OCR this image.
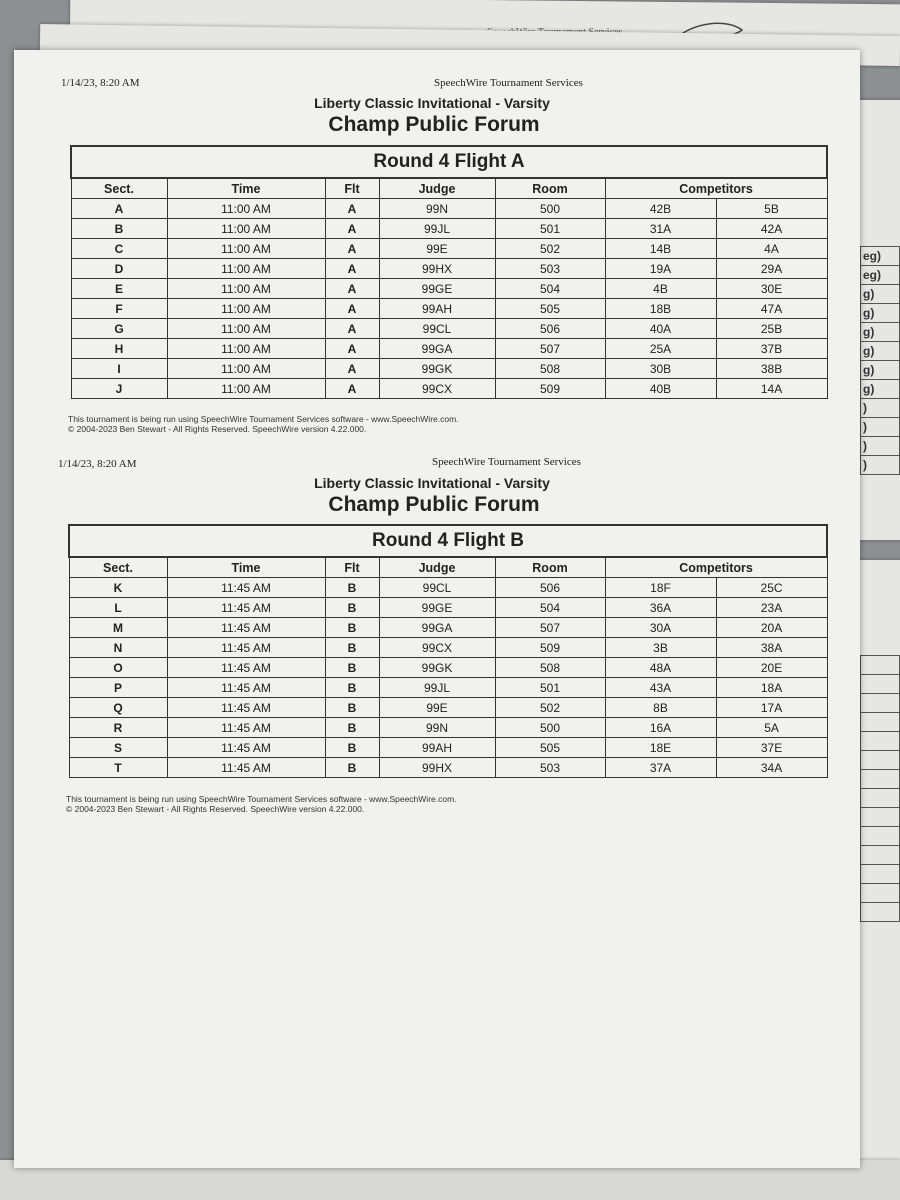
eg)
eg)
g)
g)
g)
g)
g)
g)
)
)
)
)

1/14/23, 8:20 AM	SpeechWire Tournament Services
Liberty Classic Invitational - Varsity
Champ Public Forum
Round 4 Flight A						
Sect.	Time	Flt	Judge	Room	Competitors	
A	11:00 AM	A	99N	500	42B	5B
B	11:00 AM	A	99JL	501	31A	42A
C	11:00 AM	A	99E	502	14B	4A
D	11:00 AM	A	99HX	503	19A	29A
E	11:00 AM	A	99GE	504	4B	30E
F	11:00 AM	A	99AH	505	18B	47A
G	11:00 AM	A	99CL	506	40A	25B
H	11:00 AM	A	99GA	507	25A	37B
I	11:00 AM	A	99GK	508	30B	38B
J	11:00 AM	A	99CX	509	40B	14A
This tournament is being run using SpeechWire Tournament Services software - www.SpeechWire.com.
© 2004-2023 Ben Stewart - All Rights Reserved. SpeechWire version 4.22.000.
1/14/23, 8:20 AM	SpeechWire Tournament Services
Liberty Classic Invitational - Varsity
Champ Public Forum
Round 4 Flight B						
Sect.	Time	Flt	Judge	Room	Competitors	
K	11:45 AM	B	99CL	506	18F	25C
L	11:45 AM	B	99GE	504	36A	23A
M	11:45 AM	B	99GA	507	30A	20A
N	11:45 AM	B	99CX	509	3B	38A
O	11:45 AM	B	99GK	508	48A	20E
P	11:45 AM	B	99JL	501	43A	18A
Q	11:45 AM	B	99E	502	8B	17A
R	11:45 AM	B	99N	500	16A	5A
S	11:45 AM	B	99AH	505	18E	37E
T	11:45 AM	B	99HX	503	37A	34A
This tournament is being run using SpeechWire Tournament Services software - www.SpeechWire.com.
© 2004-2023 Ben Stewart - All Rights Reserved. SpeechWire version 4.22.000.
